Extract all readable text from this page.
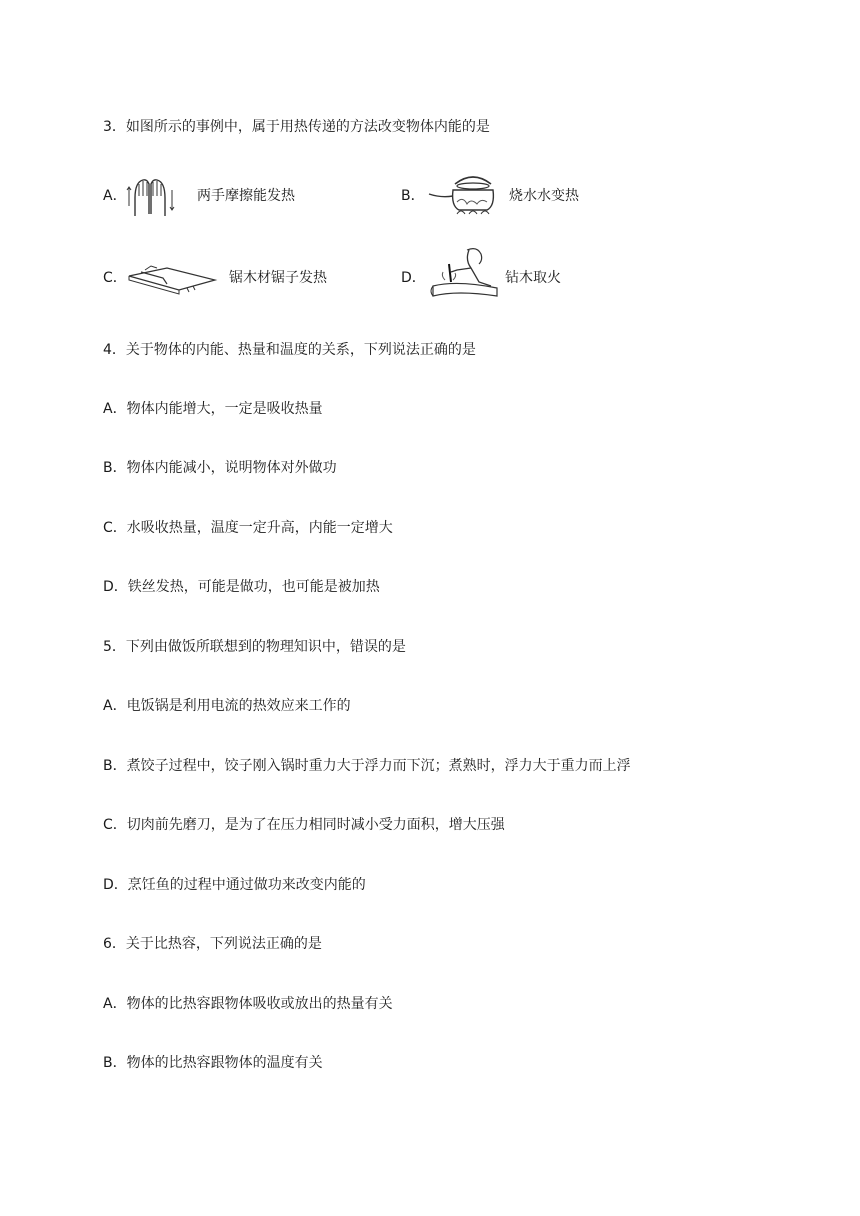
3．如图所示的事例中，属于用热传递的方法改变物体内能的是
A．	两手摩擦能发热	B．	烧水水变热
C．	锯木材锯子发热	D．	钻木取火
4．关于物体的内能、热量和温度的关系，下列说法正确的是
A．物体内能增大，一定是吸收热量
B．物体内能减小，说明物体对外做功
C．水吸收热量，温度一定升高，内能一定增大
D．铁丝发热，可能是做功，也可能是被加热
5．下列由做饭所联想到的物理知识中，错误的是
A．电饭锅是利用电流的热效应来工作的
B．煮饺子过程中，饺子刚入锅时重力大于浮力而下沉；煮熟时，浮力大于重力而上浮
C．切肉前先磨刀，是为了在压力相同时减小受力面积，增大压强
D．烹饪鱼的过程中通过做功来改变内能的
6．关于比热容，下列说法正确的是
A．物体的比热容跟物体吸收或放出的热量有关
B．物体的比热容跟物体的温度有关
